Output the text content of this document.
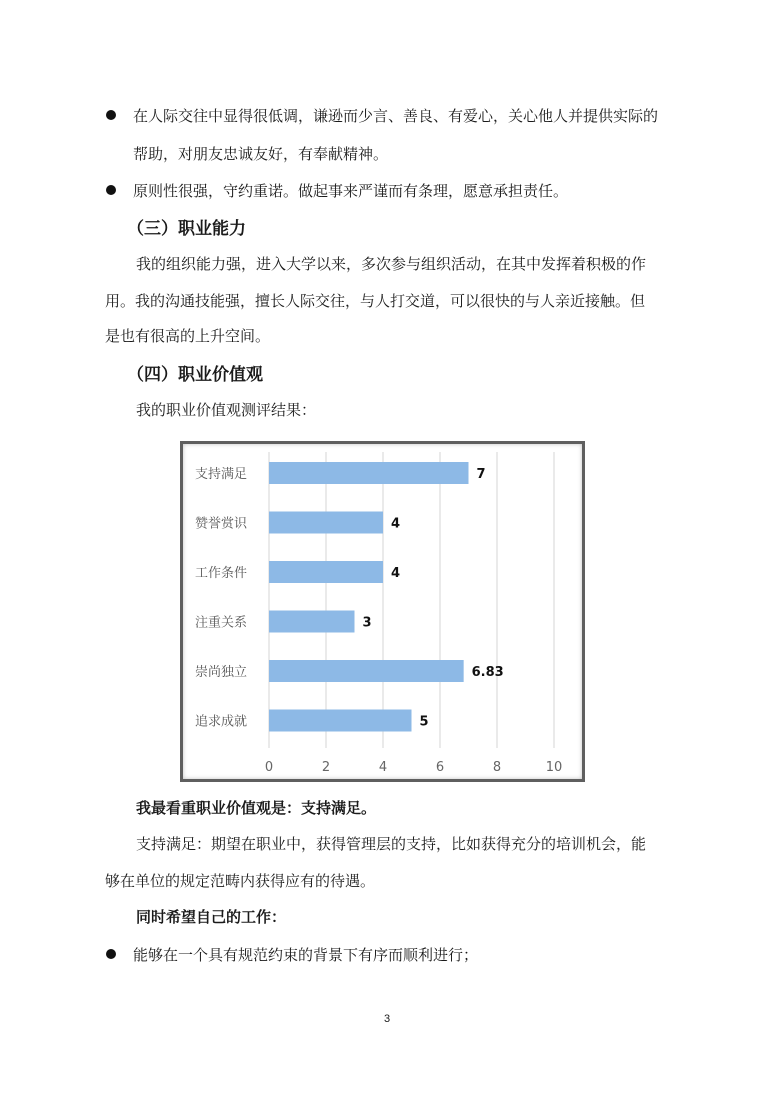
在人际交往中显得很低调，谦逊而少言、善良、有爱心，关心他人并提供实际的

帮助，对朋友忠诚友好，有奉献精神。

原则性很强，守约重诺。做起事来严谨而有条理，愿意承担责任。

（三）职业能力

我的组织能力强，进入大学以来，多次参与组织活动，在其中发挥着积极的作

用。我的沟通技能强，擅长人际交往，与人打交道，可以很快的与人亲近接触。但

是也有很高的上升空间。

（四）职业价值观

我的职业价值观测评结果：

0	2	4	6	8	10
支持满足	7
赞誉赏识	4
工作条件	4
注重关系	3
崇尚独立	6.83
追求成就	5

我最看重职业价值观是：支持满足。

支持满足：期望在职业中，获得管理层的支持，比如获得充分的培训机会，能

够在单位的规定范畴内获得应有的待遇。

同时希望自己的工作：

能够在一个具有规范约束的背景下有序而顺利进行；

3
